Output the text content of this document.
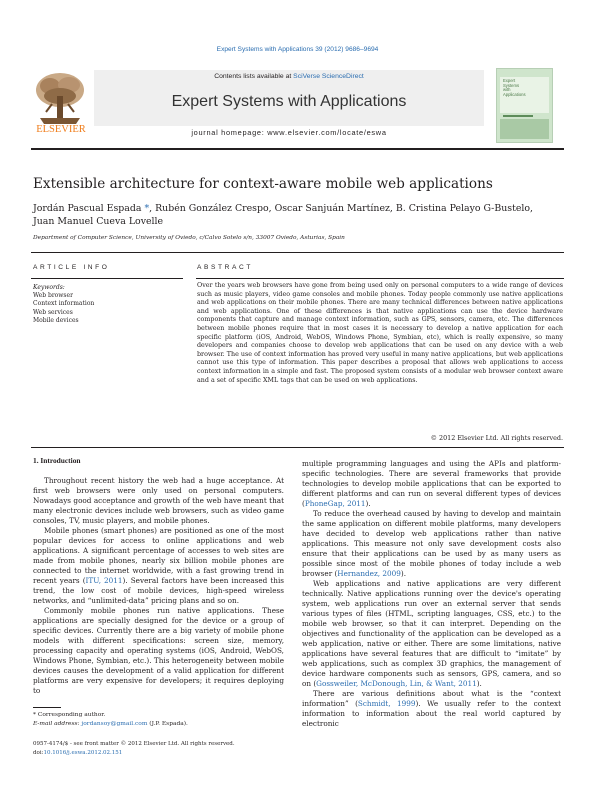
Expert Systems with Applications 39 (2012) 9686–9694
ELSEVIER
Contents lists available at SciVerse ScienceDirect
Expert Systems with Applications
journal homepage: www.elsevier.com/locate/eswa
Expert
Systems
with
Applications
Extensible architecture for context-aware mobile web applications
Jordán Pascual Espada *, Rubén González Crespo, Oscar Sanjuán Martínez, B. Cristina Pelayo G-Bustelo,
Juan Manuel Cueva Lovelle
Department of Computer Science, University of Oviedo, c/Calvo Sotelo s/n, 33007 Oviedo, Asturias, Spain
ARTICLE INFO
Keywords:
Web browser
Context information
Web services
Mobile devices
ABSTRACT
Over the years web browsers have gone from being used only on personal computers to a wide range of devices such as music players, video game consoles and mobile phones. Today people commonly use native applications and web applications on their mobile phones. There are many technical differences between native applications and web applications. One of these differences is that native applications can use the device hardware components that capture and manage context information, such as GPS, sensors, camera, etc. The differences between mobile phones require that in most cases it is necessary to develop a native application for each specific platform (iOS, Android, WebOS, Windows Phone, Symbian, etc), which is really expensive, so many developers and companies choose to develop web applications that can be used on any device with a web browser. The use of context information has proved very useful in many native applications, but web applications cannot use this type of information. This paper describes a proposal that allows web applications to access context information in a simple and fast. The proposed system consists of a modular web browser context aware and a set of specific XML tags that can be used on web applications.
© 2012 Elsevier Ltd. All rights reserved.
1. Introduction

Throughout recent history the web had a huge acceptance. At first web browsers were only used on personal computers. Nowadays good acceptance and growth of the web have meant that many electronic devices include web browsers, such as video game consoles, TV, music players, and mobile phones.

Mobile phones (smart phones) are positioned as one of the most popular devices for access to online applications and web applications. A significant percentage of accesses to web sites are made from mobile phones, nearly six billion mobile phones are connected to the internet worldwide, with a fast growing trend in recent years (ITU, 2011). Several factors have been increased this trend, the low cost of mobile devices, high-speed wireless networks, and “unlimited-data” pricing plans and so on.

Commonly mobile phones run native applications. These applications are specially designed for the device or a group of specific devices. Currently there are a big variety of mobile phone models with different specifications: screen size, memory, processing capacity and operating systems (iOS, Android, WebOS, Windows Phone, Symbian, etc.). This heterogeneity between mobile devices causes the development of a valid application for different platforms are very expensive for developers; it requires deploying to

multiple programming languages and using the APIs and platform-specific technologies. There are several frameworks that provide technologies to develop mobile applications that can be exported to different platforms and can run on several different types of devices (PhoneGap, 2011).

To reduce the overhead caused by having to develop and maintain the same application on different mobile platforms, many developers have decided to develop web applications rather than native applications. This measure not only save development costs also ensure that their applications can be used by as many users as possible since most of the mobile phones of today include a web browser (Hernandez, 2009).

Web applications and native applications are very different technically. Native applications running over the device's operating system, web applications run over an external server that sends various types of files (HTML, scripting languages, CSS, etc.) to the mobile web browser, so that it can interpret. Depending on the objectives and functionality of the application can be developed as a web application, native or either. There are some limitations, native applications have several features that are difficult to “imitate” by web applications, such as complex 3D graphics, the management of device hardware components such as sensors, GPS, camera, and so on (Gossweiler, McDonough, Lin, & Want, 2011).

There are various definitions about what is the “context information” (Schmidt, 1999). We usually refer to the context information to information about the real world captured by electronic

* Corresponding author.
E-mail address: jordansoy@gmail.com (J.P. Espada).
0957-4174/$ - see front matter © 2012 Elsevier Ltd. All rights reserved.
doi:10.1016/j.eswa.2012.02.151
